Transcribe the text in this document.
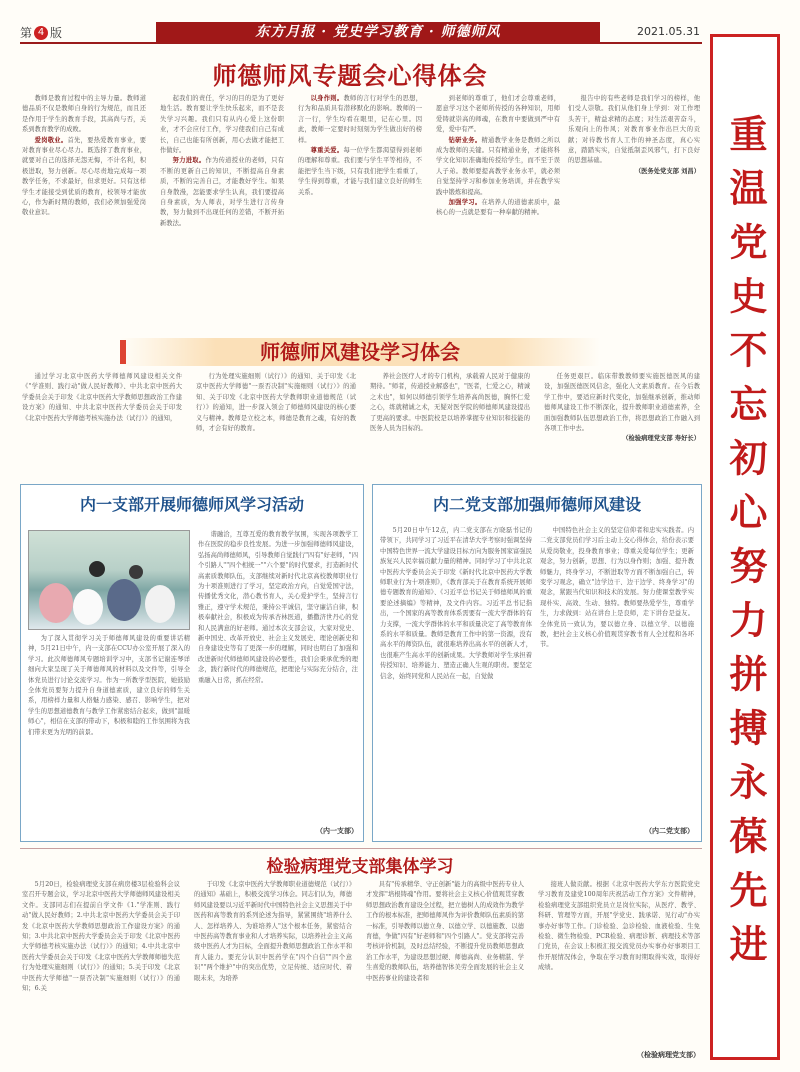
第 4 版	东方月报 · 党史学习教育 · 师德师风	2021.05.31
师德师风专题会心得体会

教师是教育过程中的主导力量。教师道德品质不仅是教师自身的行为规范，而且还是作用于学生的教育手段，其高尚与否，关系到教育教学的成败。

爱岗敬业。首先，要热爱教育事业，要对教育事业尽心尽力。既选择了教育事业，就要对自己的选择无怨无悔，不计名利，积极进取，努力创新。尽心尽责地完成每一项教学任务，不求最好，但求更好。只有这样学生才能接受到优质的教育，校领导才能放心，作为新时期的教师，我们必须加强爱岗敬业意识。

起我们的责任，学习的目的是为了更好地生活。教育要让学生快乐起来，而不是丧失学习兴趣。我们只有从内心爱上这份职业，才不会应付工作，学习使我们自己有成长，自己也能有所创新，用心去做才能把工作做好。

努力进取。作为传道授业的老师，只有不断的更新自己的知识，不断提高自身素质，不断的完善自己，才能教好学生。如果自身散漫，怎能要求学生认真，我们要提高自身素质，为人师表，对学生进行言传身教，努力做到不出现任何的差错，不断开拓新教法。

以身作则。教师的言行对学生的思想，行为和品质具有潜移默化的影响。教师的一言一行，学生均看在眼里，记在心里。因此，教师一定要时时刻刻为学生做出好的榜样。

尊重关爱。每一位学生都渴望得到老师的理解和尊重。我们要与学生平等相待，不能把学生当下级，只有我们把学生看重了，学生得到尊重，才能与我们建立良好的师生关系。

到老师的尊重了，他们才会尊重老师，愿意学习这个老师所传授的各种知识，用师爱铸就崇高的师魂，在教育中要做到严中有爱，爱中有严。

钻研业务。精通教学业务是教师之所以成为教师的关键。只有精通业务，才能将科学文化知识准确地传授给学生，而不至于误人子弟。教师要提高教学业务水平，就必须自觉坚持学习和参加业务培训，并在教学实践中锻炼和提高。

加强学习。在培养人的道德素质中，最核心的一点就是要有一种奉献的精神。

报告中的有些老师是我们学习的榜样，他们受人崇敬。我们从他们身上学到：对工作埋头苦干，精益求精的态度；对生活艰苦奋斗，乐观向上的作风；对教育事业作出巨大的贡献；对待教书育人工作的神圣态度，真心实意，踏踏实实，自觉抵制歪风邪气，打下良好的思想基础。

（医务处党支部 刘昌）
师德师风建设学习体会

通过学习北京中医药大学师德师风建设相关文件《"学准则、践行动"做人民好教师》、中共北京中医药大学委员会关于印发《北京中医药大学教师思想政治工作建设方案》的通知、中共北京中医药大学委员会关于印发《北京中医药大学师德考核实施办法（试行）》的通知，

行为处理实施细则（试行）》的通知、关于印发《北京中医药大学师德"一票否决制"实施细则（试行）》的通知、关于印发《北京中医药大学教师职业道德规范（试行）》的通知，进一步深入领会了师德师风建设的核心要义与精神。教师是立校之本，师德是教育之魂，有好的教师，才会有好的教育。

养社会医疗人才的专门机构，承载着人民对于健康的期待。"师者，传道授业解惑也"，"医者，仁爱之心，精诚之术也"，如何以师德引领学生培养高尚医德，胸怀仁爱之心，练就精诚之术，无疑对医学院的师德师风建设提出了更高的要求。中医院校是以培养掌握专业知识和技能的医务人员为目标的。

任务更艰巨。临床带教教师要实施医德医风的建设，加强医德医风信念，强化人文素质教育。在今后教学工作中，要适应新时代变化，加强继承创新，推动师德师风建设工作不断深化，提升教师职业道德素养，全面加强教师队伍思想政治工作，将思想政治工作融入到各项工作中去。

（检验病理党支部 寿好长）
内一支部开展师德师风学习活动

为了深入贯彻学习关于师德师风建设的重要讲话精神，5月21日中午，内一支部在CCU办公室开展了深入的学习。此次师德师风专题培训学习中，支部书记谢连琴详细向大家呈现了关于师德师风的材料以及文件等，引导全体党员进行讨论交流学习。作为一所教学型医院，她鼓励全体党员要努力提升自身道德素质，建立良好的师生关系，用榜样力量和人格魅力感染、感召、影响学生，把对学生的思想道德教育与教学工作紧密结合起来，做到"温暖师心"，相信在支部的带动下，积极和睦的工作氛围将为我们带来更为光明的前景。

谐融洽，互尊互爱的教育教学氛围，实现各项教学工作在医院的稳步良性发展。为进一步加强师德师风建设，弘扬高尚师德师风，引导教师自觉践行"四有"好老师，"四个引路人""四个相统一""六个要"的时代要求，打造新时代高素质教师队伍，支部继续对新时代北京高校教师职业行为十项准则进行了学习，坚定政治方向，自觉爱国守法，传播优秀文化，潜心教书育人，关心爱护学生，坚持言行雅正，遵守学术规范，秉持公平诚信，坚守廉洁自律，积极奉献社会，积极成为传承杏林医道，播撒济世丹心的党和人民满意的好老师。通过本次支部会议，大家对党史、新中国史、改革开放史、社会主义发展史、理论创新史和自身建设史等有了更深一步的理解，同时也明白了加强和改进新时代师德师风建设的必要性，我们会秉承优秀的理念，践行新时代的师德规范，把理论与实际充分结合，注重融入日常，抓在经常。

（内一支部）
内二党支部加强师德师风建设

5月20日中午12点，内二党支部在方晓磊书记的带领下，共同学习了习近平在清华大学考察时强调坚持中国特色世界一流大学建设目标方向为服务国家富强民族复兴人民幸福贡献力量的精神。同时学习了中共北京中医药大学委员会关于印发《新时代北京中医药大学教师职业行为十项准则》，《教育部关于在教育系统开展师德专题教育的通知》、《习近平总书记关于师德师风的重要论述摘编》等精神，及文件内容。习近平总书记指出，一个国家的高等教育体系需要有一流大学群体的有力支撑，一流大学群体的水平和质量决定了高等教育体系的水平和质量。教师是教育工作中的第一资源，没有高水平的师资队伍，就很难培养出高水平的创新人才，也很难产生高水平的创新成果。大学教师对学生承担着传授知识、培养能力、塑造正确人生观的职责。要坚定信念，始终同党和人民站在一起，自觉做

中国特色社会主义的坚定信仰者和忠实实践者。内二党支部党员们学习后主动上交心得体会，给份表示要从爱岗敬业，投身教育事业；尊重关爱每位学生；更新观念，努力创新，思想、行为以身作则；加强、提升教师魅力，终身学习，不断进取等方面不断加强自己，转变学习观念，确立"边学边干、边干边学、终身学习"的观念，紧跟当代知识和技术的发展。努力使课堂教学实现朴实、高效、生动、独特。教师要热爱学生，尊重学生，力求做到：站在讲台上是良师，走下讲台是益友。全体党员一致认为，要以德立身、以德立学、以德施教，把社会主义核心价值观贯穿教书育人全过程和各环节。

（内二党支部）
检验病理党支部集体学习

5月20日，检验病理党支部在病房楼3层检验科会议室召开专题会议，学习北京中医药大学师德师风建设相关文件。支部同志们在提前自学文件《1."学准则、践行动"做人民好教师；2.中共北京中医药大学委员会关于印发《北京中医药大学教师思想政治工作建设方案》的通知；3.中共北京中医药大学委员会关于印发《北京中医药大学师德考核实施办法（试行）》的通知；4.中共北京中医药大学委员会关于印发《北京中医药大学教师师德失范行为处理实施细则（试行）》的通知；5.关于印发《北京中医药大学师德"一票否决制"实施细则（试行）》的通知；6.关

于印发《北京中医药大学教师职业道德规范（试行）》的通知》基础上，积极交流学习体会。同志们认为，师德师风建设要以习近平新时代中国特色社会主义思想关于中医药和高等教育的系列论述为指导，紧紧围绕"培养什么人、怎样培养人、为谁培养人"这个根本任务，紧密结合中医药高等教育事业和人才培养实际，以培养社会主义高级中医药人才为目标，全面提升教师思想政治工作水平和育人能力。要充分认识中医药学在"四个自信""四个意识""两个维护"中的突出优势，立足传统、适应时代、着眼未来，为培养

具有"传承精华、守正创新"能力的高级中医药专业人才发挥"培根铸魂"作用。要将社会主义核心价值观贯穿教师思想政治教育建设全过程，把立德树人的成效作为教学工作的根本标准，把师德师风作为评价教师队伍素质的第一标准，引导教师以德立身、以德立学、以德施教、以德育德，争做"四有"好老师和"四个引路人"。党支部将完善考核评价机制，及时总结经验，不断提升党员教师思想政治工作水平，为建设思想过硬、师德高尚、业务精湛、学生喜爱的教师队伍，培养德智体美劳全面发展的社会主义中医药事业的建设者和

接班人做贡献。根据《北京中医药大学东方医院党史学习教育及建党100周年庆祝活动工作方案》文件精神，检验病理党支部组织党员立足岗位实际，从医疗、教学、科研、管理等方面，开展"学党史、践承诺、见行动"办实事办好事等工作。门诊检验、急诊检验、血液检验、生免检验、微生物检验、PCR检验、病理诊断、病理技术等部门党员，在会议上积极汇报交流党员办实事办好事项目工作开展情况体会，争取在学习教育时期取得实效，取得好成绩。

（检验病理党支部）
重温党史不忘初心努力拼搏永葆先进
